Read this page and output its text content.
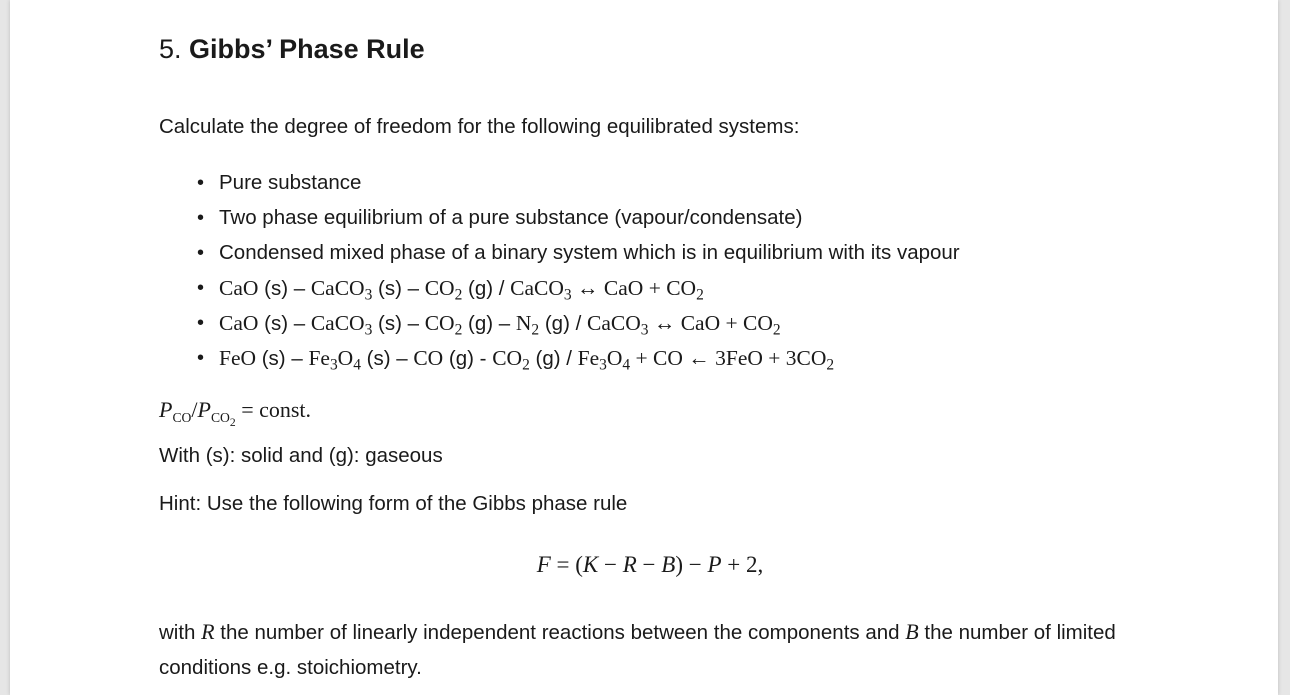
5. Gibbs’ Phase Rule

Calculate the degree of freedom for the following equilibrated systems:

• Pure substance
• Two phase equilibrium of a pure substance (vapour/condensate)
• Condensed mixed phase of a binary system which is in equilibrium with its vapour
• CaO (s) – CaCO$_3$ $(s) - CO_2$ (g) / CaCO$_3$ ↔ CaO + $CO_2$
• CaO (s) – CaCO$_3$ $(s) - CO_2$ $(g) - N_2$ (g) / CaCO$_3$ ↔ CaO + $CO_2$
• FeO $(s) - Fe_3O_4$ (s) – CO $(g) - CO_2$ $(g) / Fe_3O_4$ + CO ← $3FeO + 3CO_2$

$P_{CO}/P_{CO_2}$ = const.

With (s): solid and (g): gaseous

Hint: Use the following form of the Gibbs phase rule

F = (K − R − B) − P + 2,

with R the number of linearly independent reactions between the components and B the number of limited conditions e.g. stoichiometry.
